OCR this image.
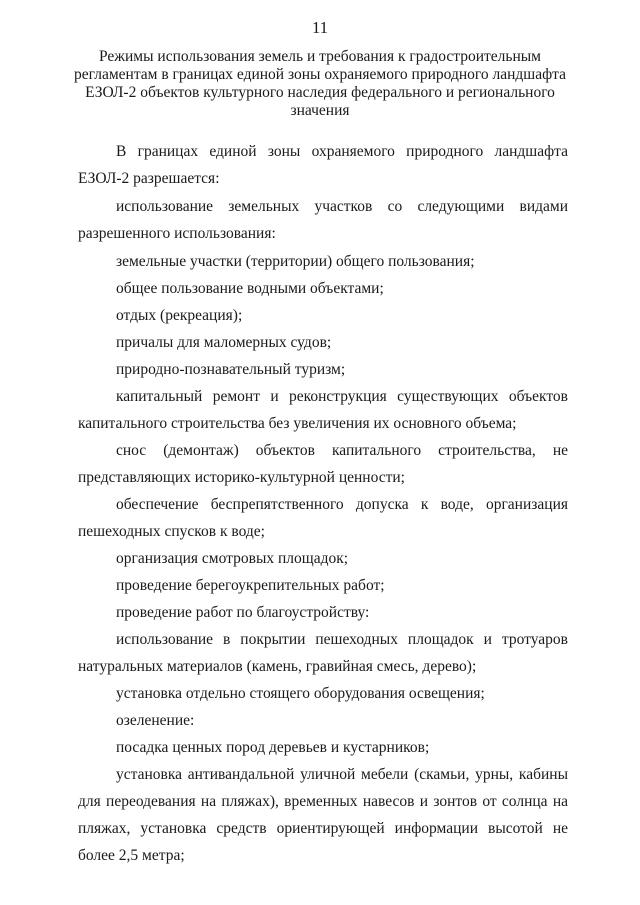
11
Режимы использования земель и требования к градостроительным регламентам в границах единой зоны охраняемого природного ландшафта ЕЗОЛ-2 объектов культурного наследия федерального и регионального значения

В границах единой зоны охраняемого природного ландшафта ЕЗОЛ-2 разрешается:

использование земельных участков со следующими видами разрешенного использования:

земельные участки (территории) общего пользования;

общее пользование водными объектами;

отдых (рекреация);

причалы для маломерных судов;

природно-познавательный туризм;

капитальный ремонт и реконструкция существующих объектов капитального строительства без увеличения их основного объема;

снос (демонтаж) объектов капитального строительства, не представляющих историко-культурной ценности;

обеспечение беспрепятственного допуска к воде, организация пешеходных спусков к воде;

организация смотровых площадок;

проведение берегоукрепительных работ;

проведение работ по благоустройству:

использование в покрытии пешеходных площадок и тротуаров натуральных материалов (камень, гравийная смесь, дерево);

установка отдельно стоящего оборудования освещения;

озеленение:

посадка ценных пород деревьев и кустарников;

установка антивандальной уличной мебели (скамьи, урны, кабины для переодевания на пляжах), временных навесов и зонтов от солнца на пляжах, установка средств ориентирующей информации высотой не более 2,5 метра;
